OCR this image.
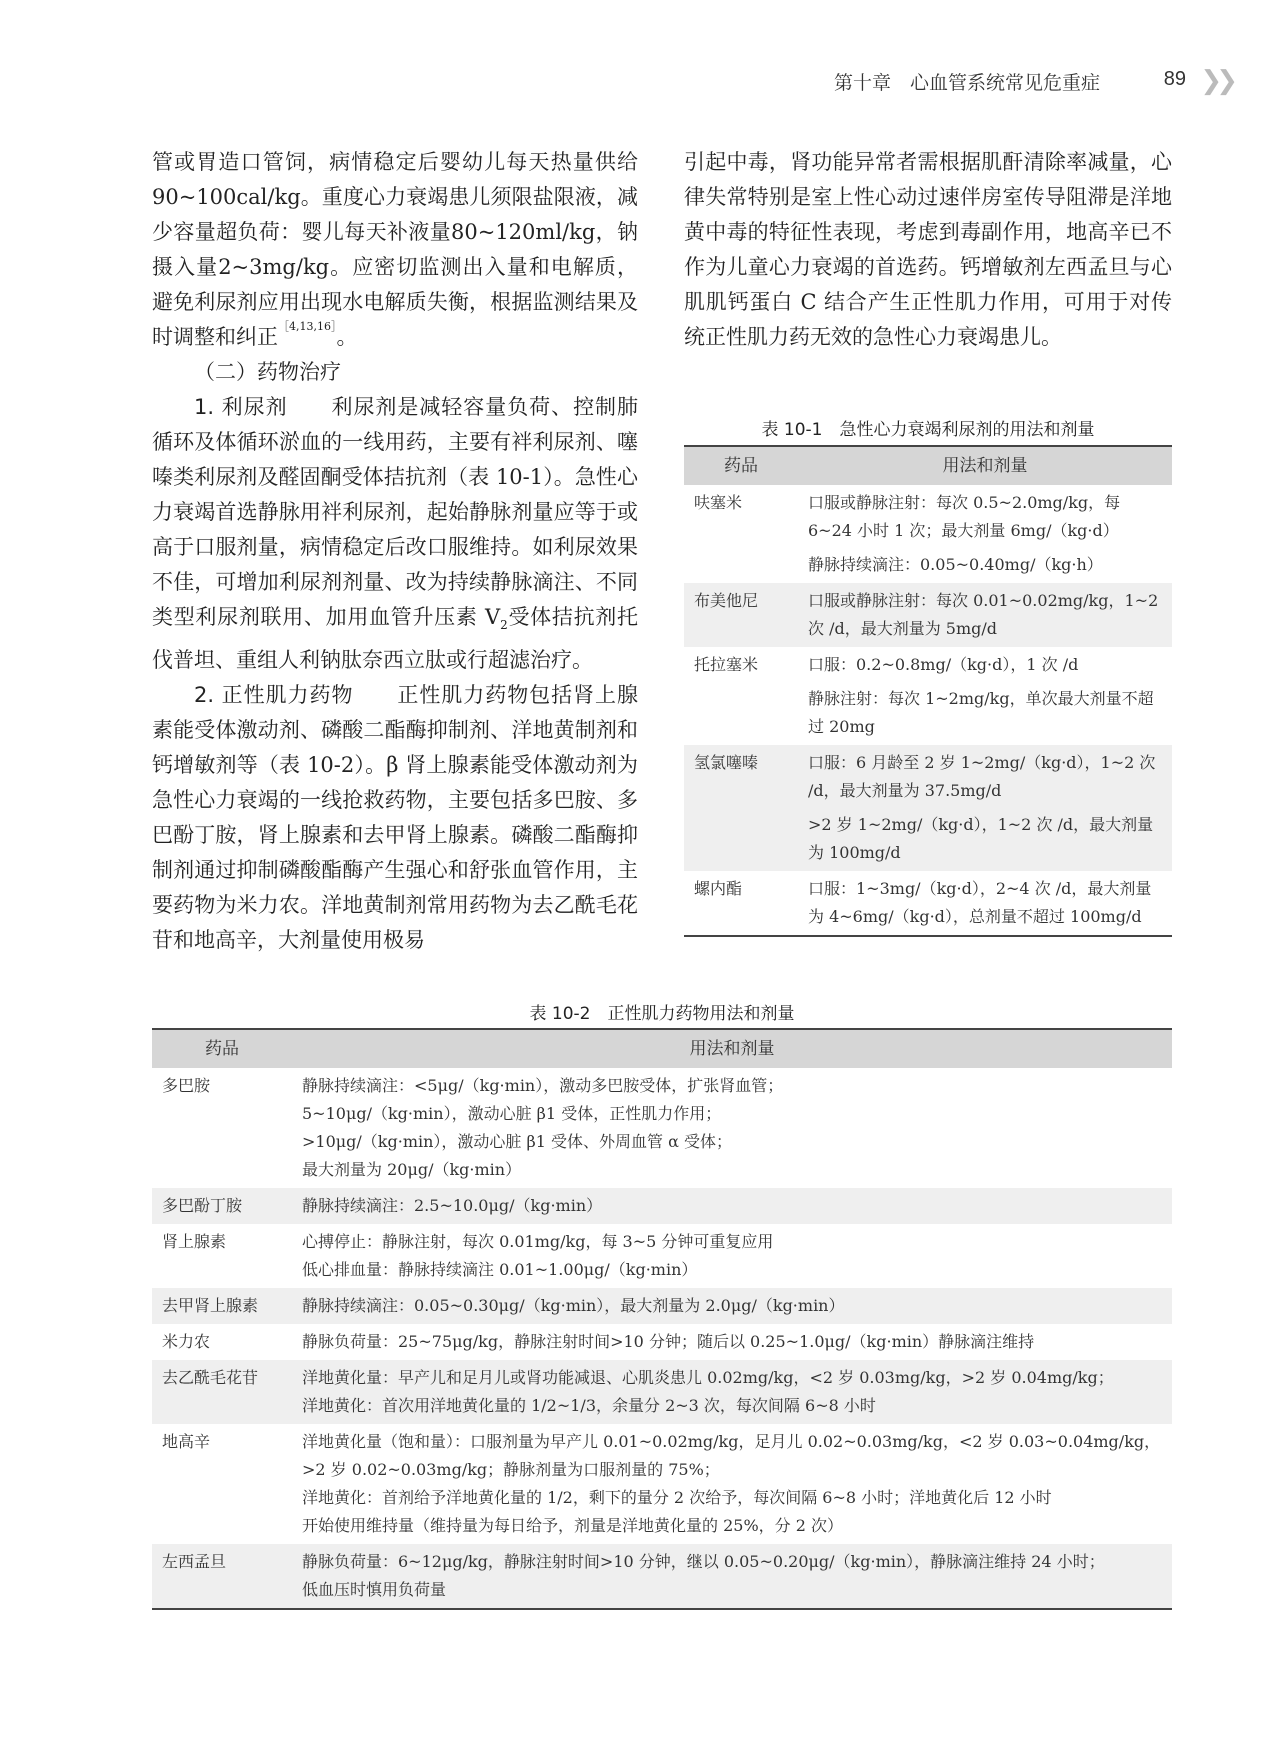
第十章　心血管系统常见危重症	89 ❯❯

管或胃造口管饲，病情稳定后婴幼儿每天热量供给90~100cal/kg。重度心力衰竭患儿须限盐限液，减少容量超负荷：婴儿每天补液量80~120ml/kg，钠摄入量2~3mg/kg。应密切监测出入量和电解质，避免利尿剂应用出现水电解质失衡，根据监测结果及时调整和纠正$^{[4,13,16]}$。

（二）药物治疗

1. 利尿剂　　 利尿剂是减轻容量负荷、控制肺循环及体循环淤血的一线用药，主要有袢利尿剂、噻嗪类利尿剂及醛固酮受体拮抗剂（表 10-1）。急性心力衰竭首选静脉用袢利尿剂，起始静脉剂量应等于或高于口服剂量，病情稳定后改口服维持。如利尿效果不佳，可增加利尿剂剂量、改为持续静脉滴注、不同类型利尿剂联用、加用血管升压素 $V_2$受体拮抗剂托伐普坦、重组人利钠肽奈西立肽或行超滤治疗。

2. 正性肌力药物　　 正性肌力药物包括肾上腺素能受体激动剂、磷酸二酯酶抑制剂、洋地黄制剂和钙增敏剂等（表 10-2）。β 肾上腺素能受体激动剂为急性心力衰竭的一线抢救药物，主要包括多巴胺、多巴酚丁胺，肾上腺素和去甲肾上腺素。磷酸二酯酶抑制剂通过抑制磷酸酯酶产生强心和舒张血管作用，主要药物为米力农。洋地黄制剂常用药物为去乙酰毛花苷和地高辛，大剂量使用极易

引起中毒，肾功能异常者需根据肌酐清除率减量，心律失常特别是室上性心动过速伴房室传导阻滞是洋地黄中毒的特征性表现，考虑到毒副作用，地高辛已不作为儿童心力衰竭的首选药。钙增敏剂左西孟旦与心肌肌钙蛋白 C 结合产生正性肌力作用，可用于对传统正性肌力药无效的急性心力衰竭患儿。

表 10-1　急性心力衰竭利尿剂的用法和剂量
药品	用法和剂量
呋塞米	口服或静脉注射：每次 0.5~2.0mg/kg，每 6~24 小时 1 次；最大剂量 6mg/（kg·d）
静脉持续滴注：0.05~0.40mg/（kg·h）

布美他尼	口服或静脉注射：每次 0.01~0.02mg/kg，1~2 次 /d，最大剂量为 5mg/d

托拉塞米	口服：0.2~0.8mg/（kg·d），1 次 /d
静脉注射：每次 1~2mg/kg，单次最大剂量不超过 20mg

氢氯噻嗪	口服：6 月龄至 2 岁 1~2mg/（kg·d），1~2 次 /d，最大剂量为 37.5mg/d
>2 岁 1~2mg/（kg·d），1~2 次 /d，最大剂量为 100mg/d

螺内酯	口服：1~3mg/（kg·d），2~4 次 /d，最大剂量为 4~6mg/（kg·d），总剂量不超过 100mg/d
表 10-2　正性肌力药物用法和剂量
药品	用法和剂量
多巴胺	静脉持续滴注：<5μg/（kg·min），激动多巴胺受体，扩张肾血管；
5~10μg/（kg·min），激动心脏 β1 受体，正性肌力作用；
>10μg/（kg·min），激动心脏 β1 受体、外周血管 α 受体；
最大剂量为 20μg/（kg·min）

多巴酚丁胺	静脉持续滴注：2.5~10.0μg/（kg·min）

肾上腺素	心搏停止：静脉注射，每次 0.01mg/kg，每 3~5 分钟可重复应用
低心排血量：静脉持续滴注 0.01~1.00μg/（kg·min）

去甲肾上腺素	静脉持续滴注：0.05~0.30μg/（kg·min），最大剂量为 2.0μg/（kg·min）

米力农	静脉负荷量：25~75μg/kg，静脉注射时间>10 分钟；随后以 0.25~1.0μg/（kg·min）静脉滴注维持

去乙酰毛花苷	洋地黄化量：早产儿和足月儿或肾功能减退、心肌炎患儿 0.02mg/kg，<2 岁 0.03mg/kg，>2 岁 0.04mg/kg；
洋地黄化：首次用洋地黄化量的 1/2~1/3，余量分 2~3 次，每次间隔 6~8 小时

地高辛	洋地黄化量（饱和量）：口服剂量为早产儿 0.01~0.02mg/kg，足月儿 0.02~0.03mg/kg，<2 岁 0.03~0.04mg/kg，
>2 岁 0.02~0.03mg/kg；静脉剂量为口服剂量的 75%；
洋地黄化：首剂给予洋地黄化量的 1/2，剩下的量分 2 次给予，每次间隔 6~8 小时；洋地黄化后 12 小时
开始使用维持量（维持量为每日给予，剂量是洋地黄化量的 25%，分 2 次）

左西孟旦	静脉负荷量：6~12μg/kg，静脉注射时间>10 分钟，继以 0.05~0.20μg/（kg·min），静脉滴注维持 24 小时；
低血压时慎用负荷量
